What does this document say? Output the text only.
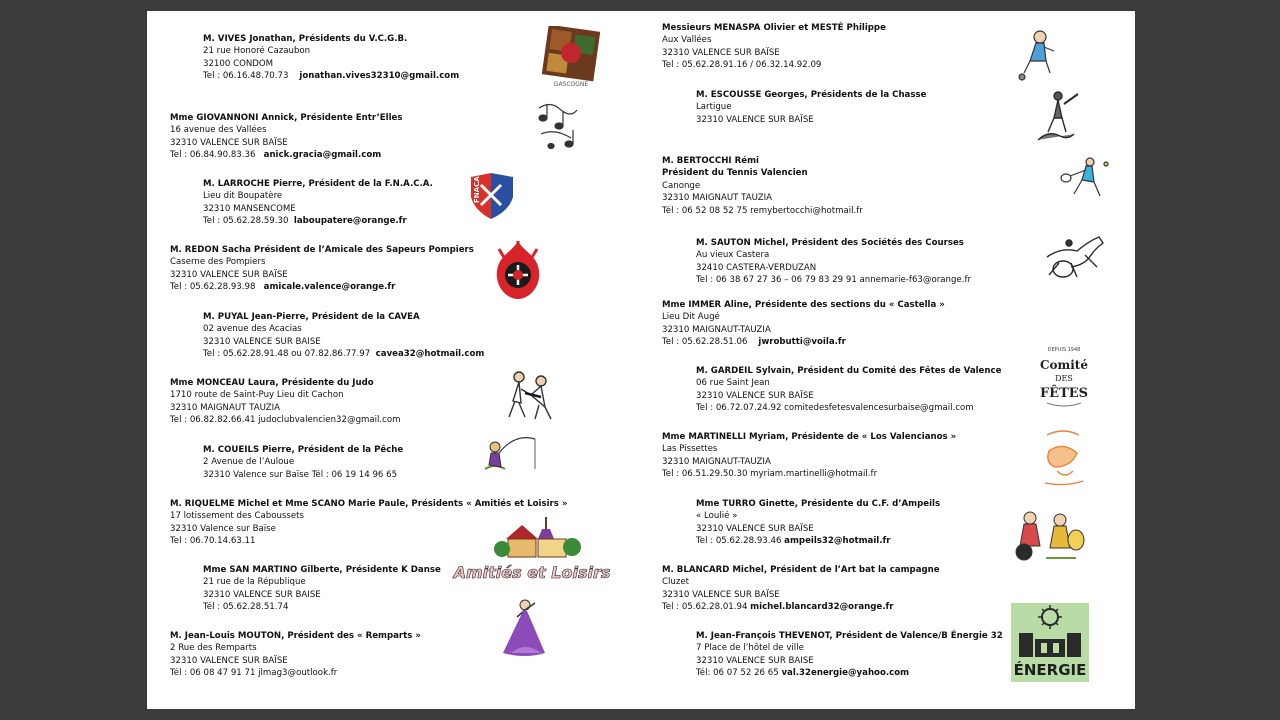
M. VIVES Jonathan, Présidents du V.C.G.B.
21 rue Honoré Cazaubon
32100 CONDOM
Tel : 06.16.48.70.73 jonathan.vives32310@gmail.com
Mme GIOVANNONI Annick, Présidente Entr’Elles
16 avenue des Vallées
32310 VALENCE SUR BAÏSE
Tel : 06.84.90.83.36 anick.gracia@gmail.com
M. LARROCHE Pierre, Président de la F.N.A.C.A.
Lieu dit Boupatère
32310 MANSENCOME
Tel : 05.62.28.59.30 laboupatere@orange.fr
M. REDON Sacha Président de l’Amicale des Sapeurs Pompiers
Caserne des Pompiers
32310 VALENCE SUR BAÏSE
Tel : 05.62.28.93.98 amicale.valence@orange.fr
M. PUYAL Jean-Pierre, Président de la CAVEA
02 avenue des Acacias
32310 VALENCE SUR BAISE
Tel : 05.62.28.91.48 ou 07.82.86.77.97 cavea32@hotmail.com
Mme MONCEAU Laura, Présidente du Judo
1710 route de Saint-Puy Lieu dit Cachon
32310 MAIGNAUT TAUZIA
Tel : 06.82.82.66.41 judoclubvalencien32@gmail.com
M. COUEILS Pierre, Président de la Pêche
2 Avenue de l’Auloue
32310 Valence sur Baïse Tél : 06 19 14 96 65
M. RIQUELME Michel et Mme SCANO Marie Paule, Présidents « Amitiés et Loisirs »
17 lotissement des Caboussets
32310 Valence sur Baïse
Tel : 06.70.14.63.11
Mme SAN MARTINO Gilberte, Présidente K Danse
21 rue de la République
32310 VALENCE SUR BAISE
Tél : 05.62.28.51.74
M. Jean-Louis MOUTON, Président des « Remparts »
2 Rue des Remparts
32310 VALENCE SUR BAÏSE
Tél : 06 08 47 91 71 jlmag3@outlook.fr
Messieurs MENASPA Olivier et MESTÉ Philippe
Aux Vallées
32310 VALENCE SUR BAÏSE
Tel : 05.62.28.91.16 / 06.32.14.92.09
M. ESCOUSSE Georges, Présidents de la Chasse
Lartigue
32310 VALENCE SUR BAÏSE
M. BERTOCCHI Rémi
Président du Tennis Valencien
Canonge
32310 MAIGNAUT TAUZIA
Tél : 06 52 08 52 75 remybertocchi@hotmail.fr
M. SAUTON Michel, Président des Sociétés des Courses
Au vieux Castera
32410 CASTERA-VERDUZAN
Tel : 06 38 67 27 36 – 06 79 83 29 91 annemarie-f63@orange.fr
Mme IMMER Aline, Présidente des sections du « Castella »
Lieu Dit Augé
32310 MAIGNAUT-TAUZIA
Tel : 05.62.28.51.06 jwrobutti@voila.fr
M. GARDEIL Sylvain, Président du Comité des Fêtes de Valence
06 rue Saint Jean
32310 VALENCE SUR BAÏSE
Tel : 06.72.07.24.92 comitedesfetesvalencesurbaise@gmail.com
Mme MARTINELLI Myriam, Présidente de « Los Valencianos »
Las Pissettes
32310 MAIGNAUT-TAUZIA
Tel : 06.51.29.50.30 myriam.martinelli@hotmail.fr
Mme TURRO Ginette, Présidente du C.F. d’Ampeils
« Loulié »
32310 VALENCE SUR BAÏSE
Tel : 05.62.28.93.46 ampeils32@hotmail.fr
M. BLANCARD Michel, Président de l’Art bat la campagne
Cluzet
32310 VALENCE SUR BAÏSE
Tel : 05.62.28.01.94 michel.blancard32@orange.fr
M. Jean-François THEVENOT, Président de Valence/B Énergie 32
7 Place de l’hôtel de ville
32310 VALENCE SUR BAISE
Tél: 06 07 52 26 65 val.32energie@yahoo.com
GASCOGNE
FNACA
Amitiés et Loisirs
DEPUIS 1948
Comité
DES
FÊTES
ÉNERGIE
